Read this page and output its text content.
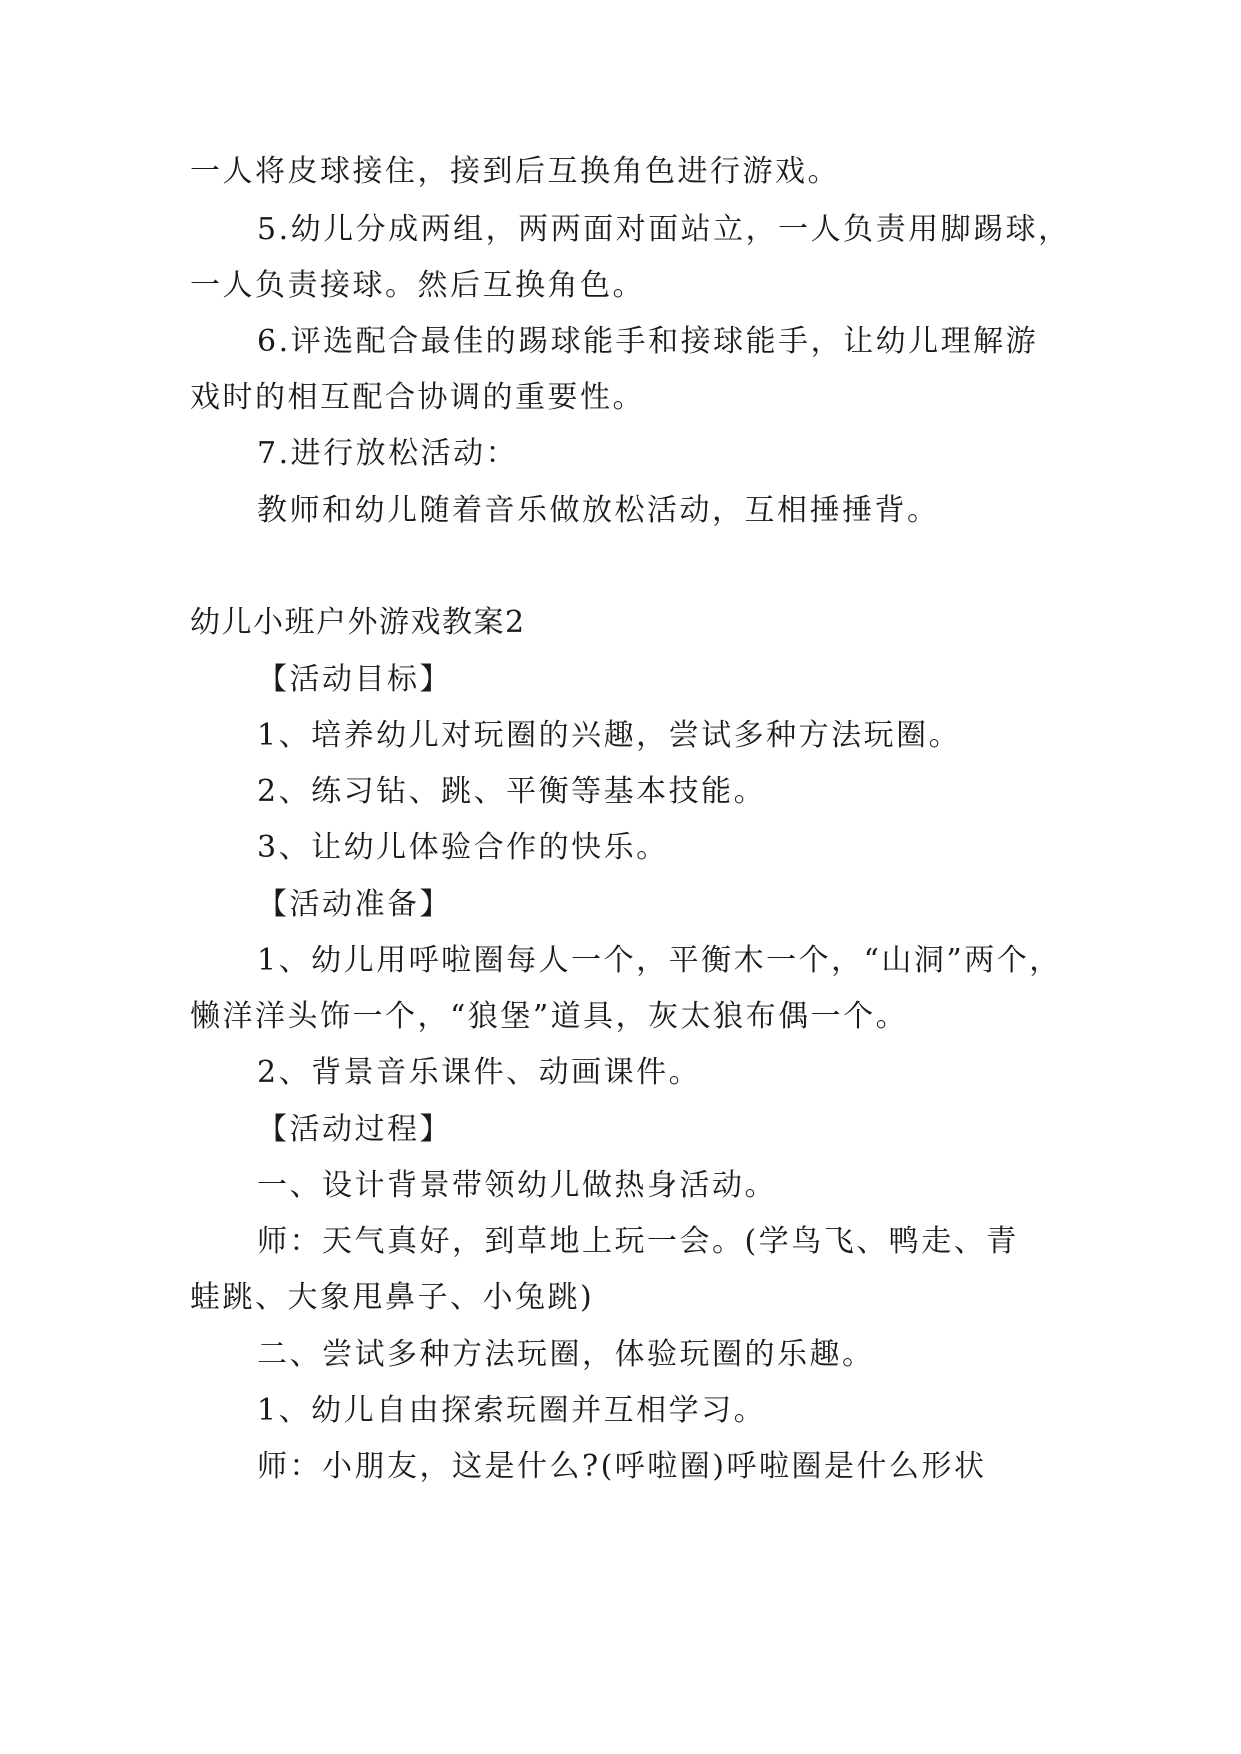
一人将皮球接住，接到后互换角色进行游戏。
5.幼儿分成两组，两两面对面站立，一人负责用脚踢球，
一人负责接球。然后互换角色。
6.评选配合最佳的踢球能手和接球能手，让幼儿理解游
戏时的相互配合协调的重要性。
7.进行放松活动：
教师和幼儿随着音乐做放松活动，互相捶捶背。
幼儿小班户外游戏教案2
【活动目标】
1、培养幼儿对玩圈的兴趣，尝试多种方法玩圈。
2、练习钻、跳、平衡等基本技能。
3、让幼儿体验合作的快乐。
【活动准备】
1、幼儿用呼啦圈每人一个，平衡木一个，“山洞”两个，
懒洋洋头饰一个，“狼堡”道具，灰太狼布偶一个。
2、背景音乐课件、动画课件。
【活动过程】
一、设计背景带领幼儿做热身活动。
师：天气真好，到草地上玩一会。(学鸟飞、鸭走、青
蛙跳、大象甩鼻子、小兔跳)
二、尝试多种方法玩圈，体验玩圈的乐趣。
1、幼儿自由探索玩圈并互相学习。
师：小朋友，这是什么?(呼啦圈)呼啦圈是什么形状
